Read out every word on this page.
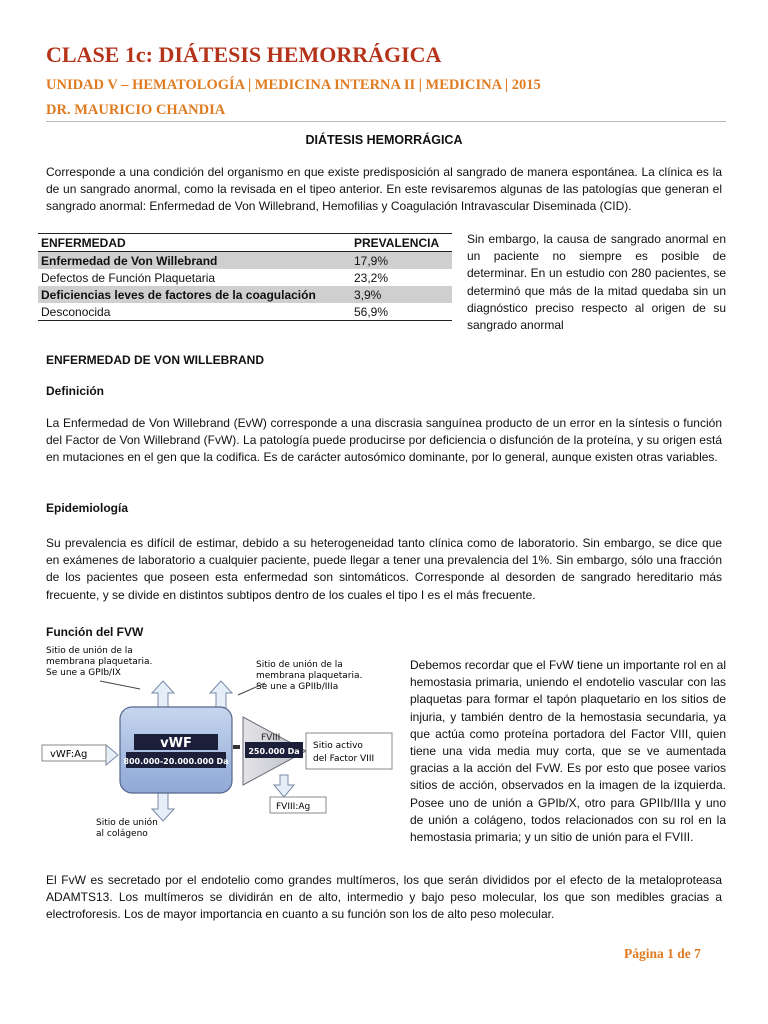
CLASE 1c: DIÁTESIS HEMORRÁGICA
UNIDAD V – HEMATOLOGÍA | MEDICINA INTERNA II | MEDICINA | 2015
DR. MAURICIO CHANDIA
DIÁTESIS HEMORRÁGICA
Corresponde a una condición del organismo en que existe predisposición al sangrado de manera espontánea. La clínica es la de un sangrado anormal, como la revisada en el tipeo anterior. En este revisaremos algunas de las patologías que generan el sangrado anormal: Enfermedad de Von Willebrand, Hemofilias y Coagulación Intravascular Diseminada (CID).
ENFERMEDAD	PREVALENCIA
Enfermedad de Von Willebrand	17,9%
Defectos de Función Plaquetaria	23,2%
Deficiencias leves de factores de la coagulación	3,9%
Desconocida	56,9%
Sin embargo, la causa de sangrado anormal en un paciente no siempre es posible de determinar. En un estudio con 280 pacientes, se determinó que más de la mitad quedaba sin un diagnóstico preciso respecto al origen de su sangrado anormal
ENFERMEDAD DE VON WILLEBRAND
Definición
La Enfermedad de Von Willebrand (EvW) corresponde a una discrasia sanguínea producto de un error en la síntesis o función del Factor de Von Willebrand (FvW). La patología puede producirse por deficiencia o disfunción de la proteína, y su origen está en mutaciones en el gen que la codifica. Es de carácter autosómico dominante, por lo general, aunque existen otras variables.
Epidemiología
Su prevalencia es difícil de estimar, debido a su heterogeneidad tanto clínica como de laboratorio. Sin embargo, se dice que en exámenes de laboratorio a cualquier paciente, puede llegar a tener una prevalencia del 1%. Sin embargo, sólo una fracción de los pacientes que poseen esta enfermedad son sintomáticos. Corresponde al desorden de sangrado hereditario más frecuente, y se divide en distintos subtipos dentro de los cuales el tipo I es el más frecuente.
Función del FVW
Sitio de unión de la
membrana plaquetaria.
Se une a GPIb/IX
Sitio de unión de la
membrana plaquetaria.
Se une a GPIIb/IIIa
vWF:Ag
vWF
800.000-20.000.000 Da
FVIII
250.000 Da
Sitio activo
del Factor VIII
FVIII:Ag
Sitio de unión
al colágeno
Debemos recordar que el FvW tiene un importante rol en al hemostasia primaria, uniendo el endotelio vascular con las plaquetas para formar el tapón plaquetario en los sitios de injuria, y también dentro de la hemostasia secundaria, ya que actúa como proteína portadora del Factor VIII, quien tiene una vida media muy corta, que se ve aumentada gracias a la acción del FvW. Es por esto que posee varios sitios de acción, observados en la imagen de la izquierda. Posee uno de unión a GPIb/X, otro para GPIIb/IIIa y uno de unión a colágeno, todos relacionados con su rol en la hemostasia primaria; y un sitio de unión para el FVIII.
El FvW es secretado por el endotelio como grandes multímeros, los que serán divididos por el efecto de la metaloproteasa ADAMTS13. Los multímeros se dividirán en de alto, intermedio y bajo peso molecular, los que son medibles gracias a electroforesis. Los de mayor importancia en cuanto a su función son los de alto peso molecular.
Página 1 de 7
